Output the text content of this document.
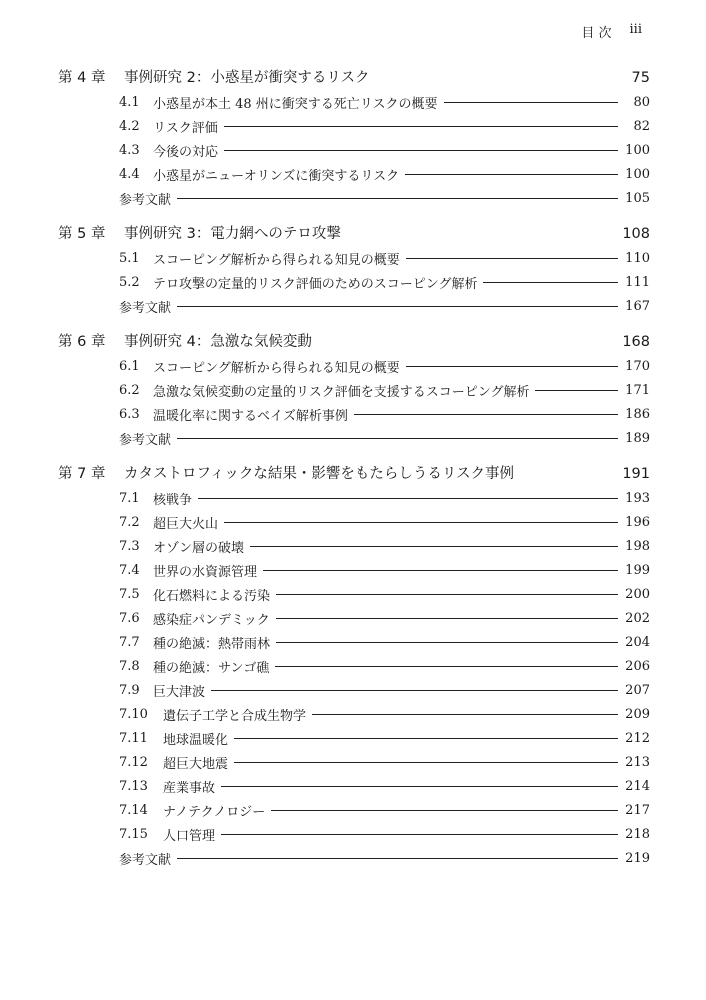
目 次 iii
第 4 章	事例研究 2：小惑星が衝突するリスク	75
4.1	小惑星が本土 48 州に衝突する死亡リスクの概要	80
4.2	リスク評価	82
4.3	今後の対応	100
4.4	小惑星がニューオリンズに衝突するリスク	100
参考文献	105
第 5 章	事例研究 3：電力網へのテロ攻撃	108
5.1	スコーピング解析から得られる知見の概要	110
5.2	テロ攻撃の定量的リスク評価のためのスコーピング解析	111
参考文献	167
第 6 章	事例研究 4：急激な気候変動	168
6.1	スコーピング解析から得られる知見の概要	170
6.2	急激な気候変動の定量的リスク評価を支援するスコーピング解析	171
6.3	温暖化率に関するベイズ解析事例	186
参考文献	189
第 7 章	カタストロフィックな結果・影響をもたらしうるリスク事例	191
7.1	核戦争	193
7.2	超巨大火山	196
7.3	オゾン層の破壊	198
7.4	世界の水資源管理	199
7.5	化石燃料による汚染	200
7.6	感染症パンデミック	202
7.7	種の絶滅：熱帯雨林	204
7.8	種の絶滅：サンゴ礁	206
7.9	巨大津波	207
7.10	遺伝子工学と合成生物学	209
7.11	地球温暖化	212
7.12	超巨大地震	213
7.13	産業事故	214
7.14	ナノテクノロジー	217
7.15	人口管理	218
参考文献	219
